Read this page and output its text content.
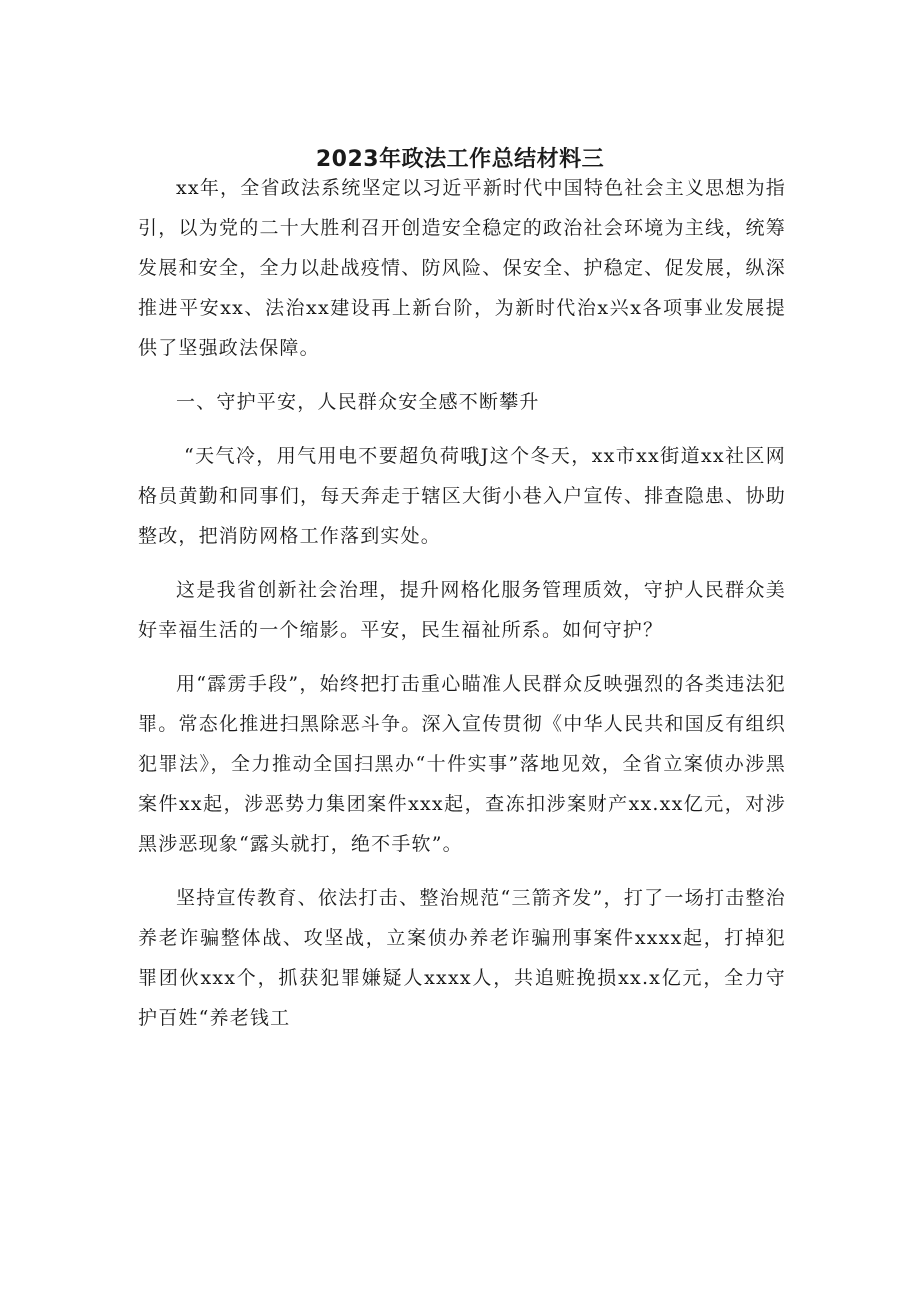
2023年政法工作总结材料三

xx年，全省政法系统坚定以习近平新时代中国特色社会主义思想为指引，以为党的二十大胜利召开创造安全稳定的政治社会环境为主线，统筹发展和安全，全力以赴战疫情、防风险、保安全、护稳定、促发展，纵深推进平安xx、法治xx建设再上新台阶，为新时代治x兴x各项事业发展提供了坚强政法保障。

一、守护平安，人民群众安全感不断攀升

“天气冷，用气用电不要超负荷哦J这个冬天，xx市xx街道xx社区网格员黄勤和同事们，每天奔走于辖区大街小巷入户宣传、排查隐患、协助整改，把消防网格工作落到实处。

这是我省创新社会治理，提升网格化服务管理质效，守护人民群众美好幸福生活的一个缩影。平安，民生福祉所系。如何守护？

用“霹雳手段”，始终把打击重心瞄准人民群众反映强烈的各类违法犯罪。常态化推进扫黑除恶斗争。深入宣传贯彻《中华人民共和国反有组织犯罪法》，全力推动全国扫黑办“十件实事”落地见效，全省立案侦办涉黑案件xx起，涉恶势力集团案件xxx起，查冻扣涉案财产xx.xx亿元，对涉黑涉恶现象“露头就打，绝不手软”。

坚持宣传教育、依法打击、整治规范“三箭齐发”，打了一场打击整治养老诈骗整体战、攻坚战，立案侦办养老诈骗刑事案件xxxx起，打掉犯罪团伙xxx个，抓获犯罪嫌疑人xxxx人，共追赃挽损xx.x亿元，全力守护百姓“养老钱工
